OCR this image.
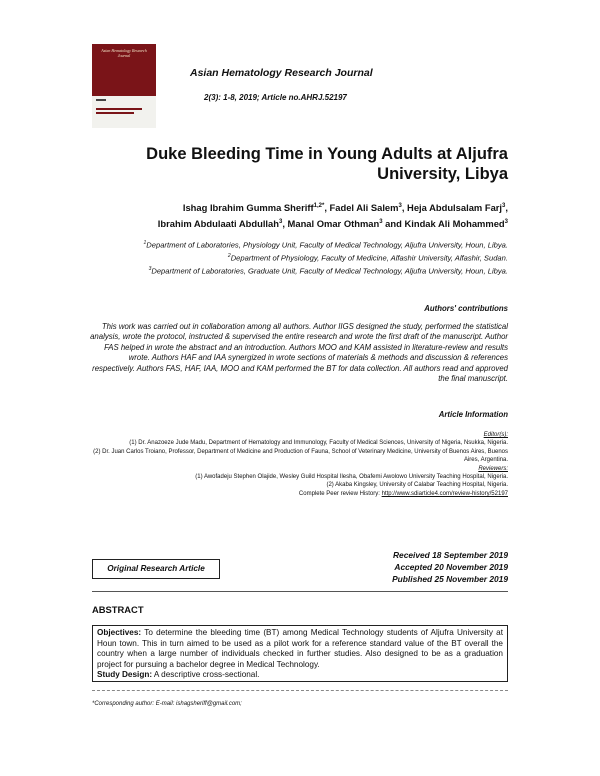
Asian Hematology Research Journal
Asian Hematology Research Journal
2(3): 1-8, 2019; Article no.AHRJ.52197
Duke Bleeding Time in Young Adults at Aljufra
University, Libya
Ishag Ibrahim Gumma Sheriff$^{1,2*}$, Fadel Ali Salem$^3$, Heja Abdulsalam Farj$^3$,
Ibrahim Abdulaati Abdullah$^3$, Manal Omar Othman$^3$ and Kindak Ali Mohammed$^3$
$^1$Department of Laboratories, Physiology Unit, Faculty of Medical Technology, Aljufra University, Houn, Libya.
$^2$Department of Physiology, Faculty of Medicine, Alfashir University, Alfashir, Sudan.
$^3$Department of Laboratories, Graduate Unit, Faculty of Medical Technology, Aljufra University, Houn, Libya.
Authors' contributions
This work was carried out in collaboration among all authors. Author IIGS designed the study, performed the statistical analysis, wrote the protocol, instructed & supervised the entire research and wrote the first draft of the manuscript. Author FAS helped in wrote the abstract and an introduction. Authors MOO and KAM assisted in literature-review and results wrote. Authors HAF and IAA synergized in wrote sections of materials & methods and discussion & references respectively. Authors FAS, HAF, IAA, MOO and KAM performed the BT for data collection. All authors read and approved the final manuscript.
Article Information
Editor(s):
(1) Dr. Anazoeze Jude Madu, Department of Hematology and Immunology, Faculty of Medical Sciences, University of Nigeria, Nsukka, Nigeria.
(2) Dr. Juan Carlos Troiano, Professor, Department of Medicine and Production of Fauna, School of Veterinary Medicine, University of Buenos Aires, Buenos Aires, Argentina.
Reviewers:
(1) Awofadeju Stephen Olajide, Wesley Guild Hospital Ilesha, Obafemi Awolowo University Teaching Hospital, Nigeria.
(2) Akaba Kingsley, University of Calabar Teaching Hospital, Nigeria.
Complete Peer review History: http://www.sdiarticle4.com/review-history/52197
Received 18 September 2019
Accepted 20 November 2019
Published 25 November 2019
Original Research Article
ABSTRACT
Objectives: To determine the bleeding time (BT) among Medical Technology students of Aljufra University at Houn town. This in turn aimed to be used as a pilot work for a reference standard value of the BT overall the country when a large number of individuals checked in further studies. Also designed to be as a graduation project for pursuing a bachelor degree in Medical Technology.
Study Design: A descriptive cross-sectional.
*Corresponding author: E-mail: ishagsheriff@gmail.com;
